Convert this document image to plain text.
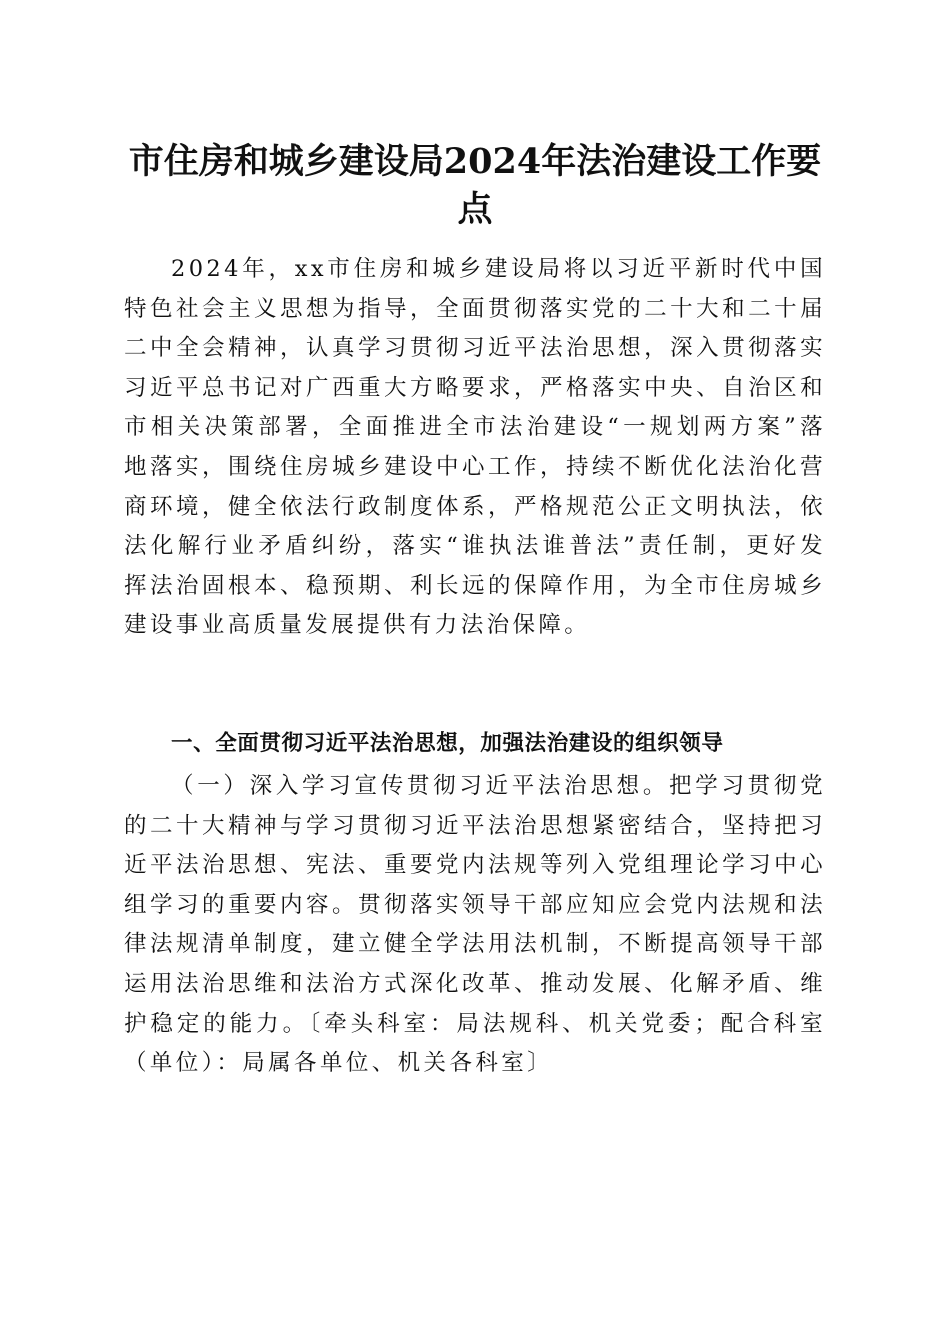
市住房和城乡建设局2024年法治建设工作要点

2024年，xx市住房和城乡建设局将以习近平新时代中国特色社会主义思想为指导，全面贯彻落实党的二十大和二十届二中全会精神，认真学习贯彻习近平法治思想，深入贯彻落实习近平总书记对广西重大方略要求，严格落实中央、自治区和市相关决策部署，全面推进全市法治建设“一规划两方案”落地落实，围绕住房城乡建设中心工作，持续不断优化法治化营商环境，健全依法行政制度体系，严格规范公正文明执法，依法化解行业矛盾纠纷，落实“谁执法谁普法”责任制，更好发挥法治固根本、稳预期、利长远的保障作用，为全市住房城乡建设事业高质量发展提供有力法治保障。

一、全面贯彻习近平法治思想，加强法治建设的组织领导

（一）深入学习宣传贯彻习近平法治思想。把学习贯彻党的二十大精神与学习贯彻习近平法治思想紧密结合，坚持把习近平法治思想、宪法、重要党内法规等列入党组理论学习中心组学习的重要内容。贯彻落实领导干部应知应会党内法规和法律法规清单制度，建立健全学法用法机制，不断提高领导干部运用法治思维和法治方式深化改革、推动发展、化解矛盾、维护稳定的能力。〔牵头科室：局法规科、机关党委；配合科室（单位）：局属各单位、机关各科室〕
